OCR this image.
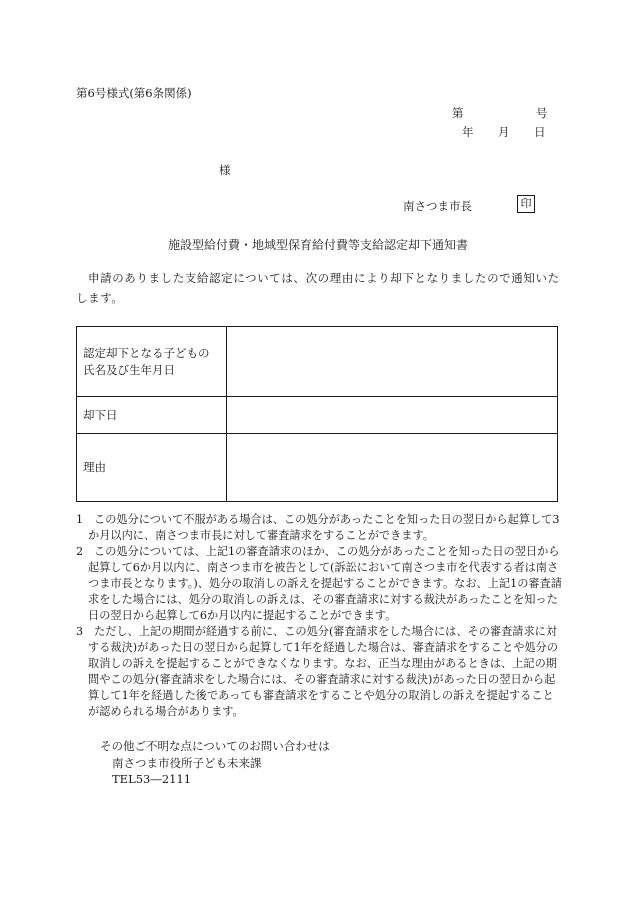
第6号様式(第6条関係)
第	号
年 月 日
様
南さつま市長	印
施設型給付費・地域型保育給付費等支給認定却下通知書
申請のありました支給認定については、次の理由により却下となりましたので通知いたします。
認定却下となる子どもの
氏名及び生年月日	

却下日	
理由	
1 この処分について不服がある場合は、この処分があったことを知った日の翌日から起算して3か月以内に、南さつま市長に対して審査請求をすることができます。
2 この処分については、上記1の審査請求のほか、この処分があったことを知った日の翌日から起算して6か月以内に、南さつま市を被告として(訴訟において南さつま市を代表する者は南さつま市長となります。)、処分の取消しの訴えを提起することができます。なお、上記1の審査請求をした場合には、処分の取消しの訴えは、その審査請求に対する裁決があったことを知った日の翌日から起算して6か月以内に提起することができます。
3 ただし、上記の期間が経過する前に、この処分(審査請求をした場合には、その審査請求に対する裁決)があった日の翌日から起算して1年を経過した場合は、審査請求をすることや処分の取消しの訴えを提起することができなくなります。なお、正当な理由があるときは、上記の期間やこの処分(審査請求をした場合には、その審査請求に対する裁決)があった日の翌日から起算して1年を経過した後であっても審査請求をすることや処分の取消しの訴えを提起することが認められる場合があります。
その他ご不明な点についてのお問い合わせは
南さつま市役所子ども未来課
TEL53―2111
